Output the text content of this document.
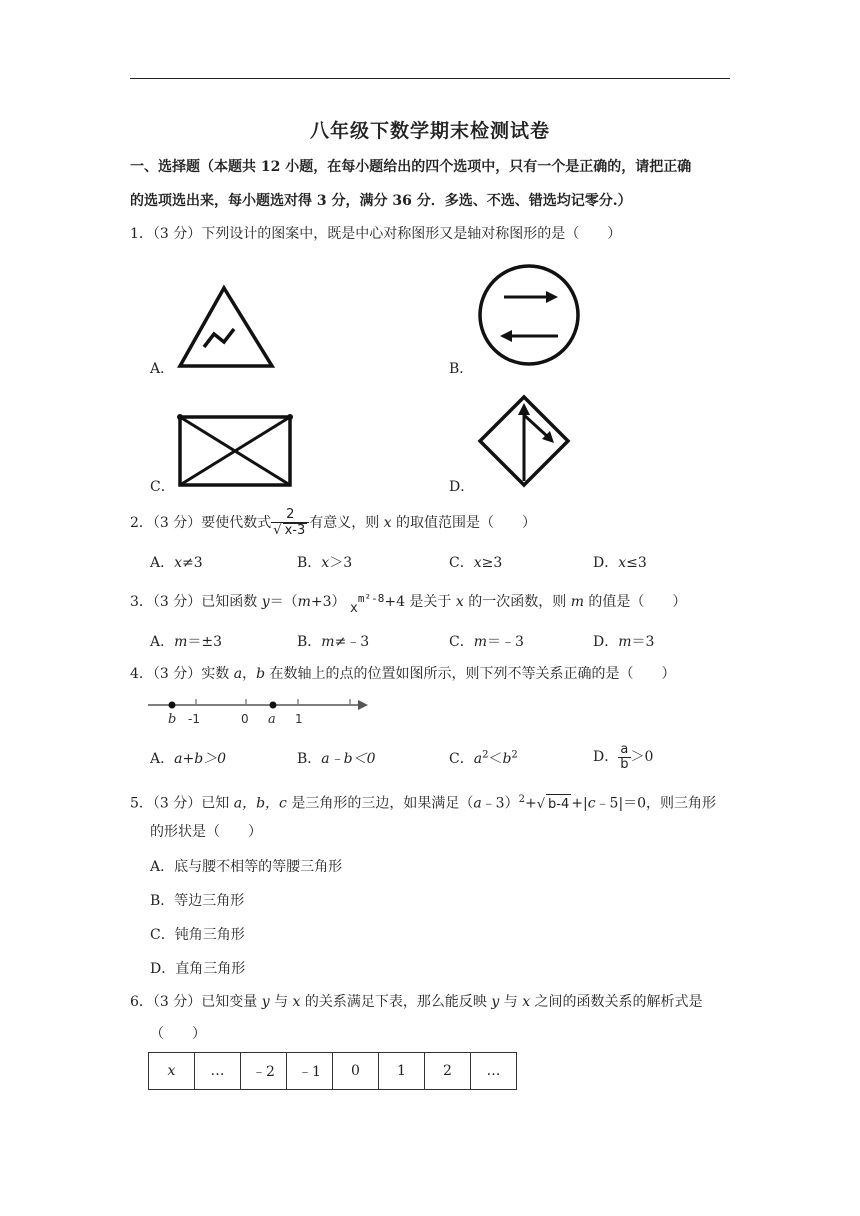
八年级下数学期末检测试卷
一、选择题（本题共 12 小题，在每小题给出的四个选项中，只有一个是正确的，请把正确
的选项选出来，每小题选对得 3 分，满分 36 分．多选、不选、错选均记零分.）
1．（3 分）下列设计的图案中，既是中心对称图形又是轴对称图形的是（　　）
A．	B．
C．	D．
2．（3 分）要使代数式 $\frac{2}{√ x-3}$ 有意义，则 x 的取值范围是（　　）
A．x≠3	B．x＞3	C．x≥3	D．x≤3
3．（3 分）已知函数 y＝（m+3） $x^{m^2-8}+4$ 是关于 x 的一次函数，则 m 的值是（　　）
A．m＝±3	B．m≠﹣3	C．m＝﹣3	D．m＝3
4．（3 分）实数 a，b 在数轴上的点的位置如图所示，则下列不等关系正确的是（　　）
b -1	0 a 1
A．a+b＞0	B．a﹣b＜0	C．$a^2<b^2$	D． $\frac{a}{b} >0$
5．（3 分）已知 a，b，c 是三角形的三边，如果满足（a﹣3）$^2$+√ b-4 +|c﹣5|＝0，则三角形
的形状是（　　）
A．底与腰不相等的等腰三角形
B．等边三角形
C．钝角三角形
D．直角三角形
6．（3 分）已知变量 y 与 x 的关系满足下表，那么能反映 y 与 x 之间的函数关系的解析式是
（　　）
x	…	﹣2	﹣1	0	1	2	…
